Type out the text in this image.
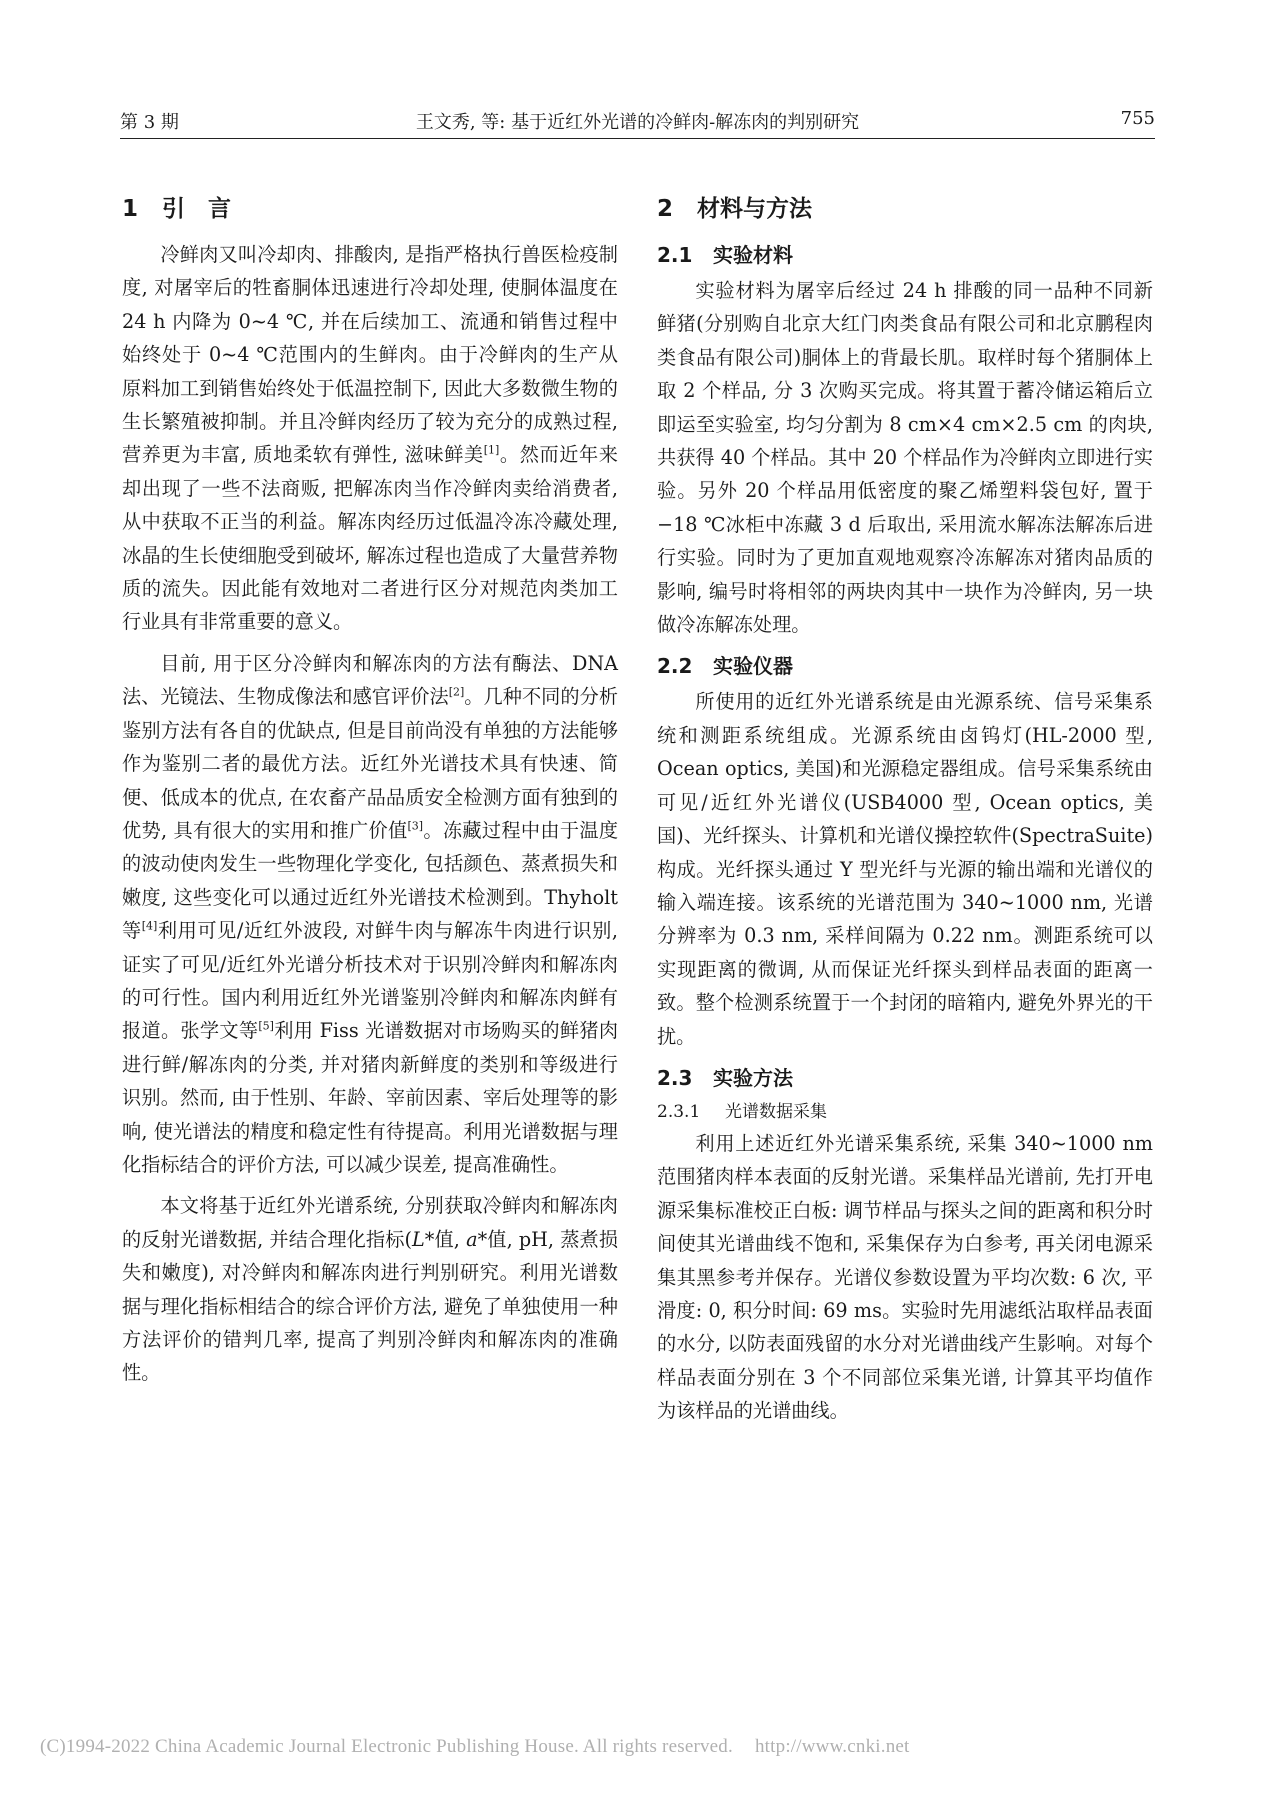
第 3 期	王文秀, 等: 基于近红外光谱的冷鲜肉-解冻肉的判别研究	755
1 引　言

冷鲜肉又叫冷却肉、排酸肉, 是指严格执行兽医检疫制度, 对屠宰后的牲畜胴体迅速进行冷却处理, 使胴体温度在 24 h 内降为 0~4 ℃, 并在后续加工、流通和销售过程中始终处于 0~4 ℃范围内的生鲜肉。由于冷鲜肉的生产从原料加工到销售始终处于低温控制下, 因此大多数微生物的生长繁殖被抑制。并且冷鲜肉经历了较为充分的成熟过程, 营养更为丰富, 质地柔软有弹性, 滋味鲜美[1]。然而近年来却出现了一些不法商贩, 把解冻肉当作冷鲜肉卖给消费者, 从中获取不正当的利益。解冻肉经历过低温冷冻冷藏处理, 冰晶的生长使细胞受到破坏, 解冻过程也造成了大量营养物质的流失。因此能有效地对二者进行区分对规范肉类加工行业具有非常重要的意义。

目前, 用于区分冷鲜肉和解冻肉的方法有酶法、DNA 法、光镜法、生物成像法和感官评价法[2]。几种不同的分析鉴别方法有各自的优缺点, 但是目前尚没有单独的方法能够作为鉴别二者的最优方法。近红外光谱技术具有快速、简便、低成本的优点, 在农畜产品品质安全检测方面有独到的优势, 具有很大的实用和推广价值[3]。冻藏过程中由于温度的波动使肉发生一些物理化学变化, 包括颜色、蒸煮损失和嫩度, 这些变化可以通过近红外光谱技术检测到。Thyholt 等[4]利用可见/近红外波段, 对鲜牛肉与解冻牛肉进行识别, 证实了可见/近红外光谱分析技术对于识别冷鲜肉和解冻肉的可行性。国内利用近红外光谱鉴别冷鲜肉和解冻肉鲜有报道。张学文等[5]利用 Fiss 光谱数据对市场购买的鲜猪肉进行鲜/解冻肉的分类, 并对猪肉新鲜度的类别和等级进行识别。然而, 由于性别、年龄、宰前因素、宰后处理等的影响, 使光谱法的精度和稳定性有待提高。利用光谱数据与理化指标结合的评价方法, 可以减少误差, 提高准确性。

本文将基于近红外光谱系统, 分别获取冷鲜肉和解冻肉的反射光谱数据, 并结合理化指标(L*值, a*值, pH, 蒸煮损失和嫩度), 对冷鲜肉和解冻肉进行判别研究。利用光谱数据与理化指标相结合的综合评价方法, 避免了单独使用一种方法评价的错判几率, 提高了判别冷鲜肉和解冻肉的准确性。

2 材料与方法
2.1 实验材料

实验材料为屠宰后经过 24 h 排酸的同一品种不同新鲜猪(分别购自北京大红门肉类食品有限公司和北京鹏程肉类食品有限公司)胴体上的背最长肌。取样时每个猪胴体上取 2 个样品, 分 3 次购买完成。将其置于蓄冷储运箱后立即运至实验室, 均匀分割为 8 cm×4 cm×2.5 cm 的肉块, 共获得 40 个样品。其中 20 个样品作为冷鲜肉立即进行实验。另外 20 个样品用低密度的聚乙烯塑料袋包好, 置于−18 ℃冰柜中冻藏 3 d 后取出, 采用流水解冻法解冻后进行实验。同时为了更加直观地观察冷冻解冻对猪肉品质的影响, 编号时将相邻的两块肉其中一块作为冷鲜肉, 另一块做冷冻解冻处理。

2.2 实验仪器

所使用的近红外光谱系统是由光源系统、信号采集系统和测距系统组成。光源系统由卤钨灯(HL-2000 型, Ocean optics, 美国)和光源稳定器组成。信号采集系统由可见/近红外光谱仪(USB4000 型, Ocean optics, 美国)、光纤探头、计算机和光谱仪操控软件(SpectraSuite)构成。光纤探头通过 Y 型光纤与光源的输出端和光谱仪的输入端连接。该系统的光谱范围为 340~1000 nm, 光谱分辨率为 0.3 nm, 采样间隔为 0.22 nm。测距系统可以实现距离的微调, 从而保证光纤探头到样品表面的距离一致。整个检测系统置于一个封闭的暗箱内, 避免外界光的干扰。

2.3 实验方法
2.3.1 光谱数据采集

利用上述近红外光谱采集系统, 采集 340~1000 nm 范围猪肉样本表面的反射光谱。采集样品光谱前, 先打开电源采集标准校正白板: 调节样品与探头之间的距离和积分时间使其光谱曲线不饱和, 采集保存为白参考, 再关闭电源采集其黑参考并保存。光谱仪参数设置为平均次数: 6 次, 平滑度: 0, 积分时间: 69 ms。实验时先用滤纸沾取样品表面的水分, 以防表面残留的水分对光谱曲线产生影响。对每个样品表面分别在 3 个不同部位采集光谱, 计算其平均值作为该样品的光谱曲线。

(C)1994-2022 China Academic Journal Electronic Publishing House. All rights reserved. http://www.cnki.net
